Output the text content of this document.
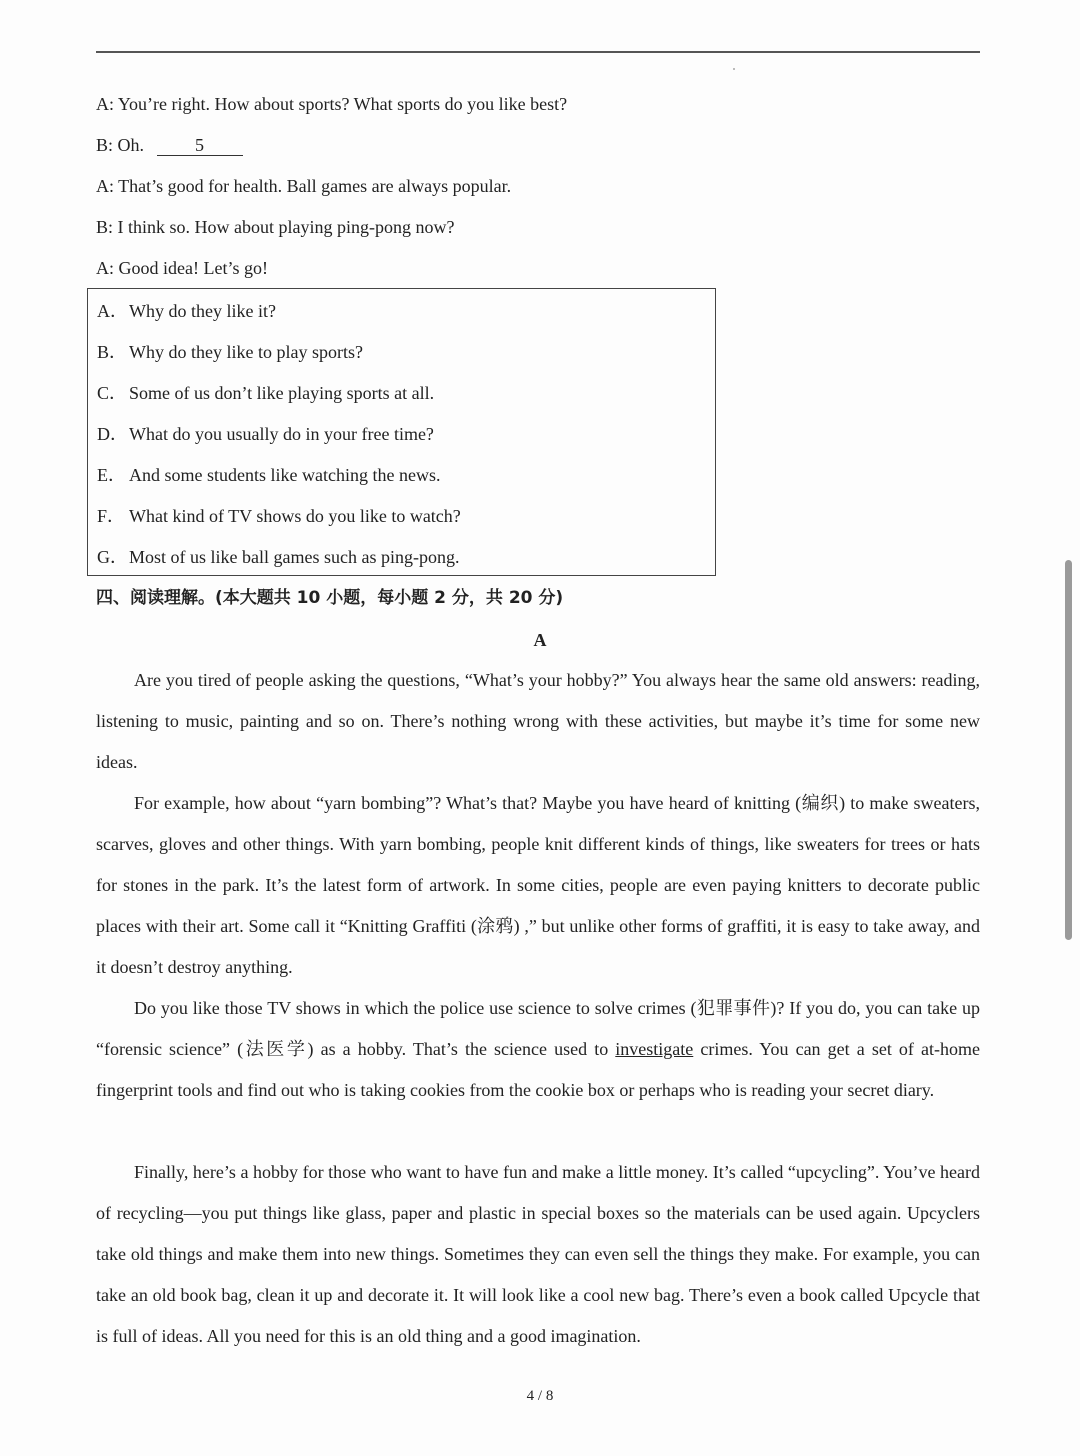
A: You’re right. How about sports? What sports do you like best?
B: Oh.	5
A: That’s good for health. Ball games are always popular.
B: I think so. How about playing ping-pong now?
A: Good idea! Let’s go!
A．Why do they like it?
B． Why do they like to play sports?
C． Some of us don’t like playing sports at all.
D．What do you usually do in your free time?
E． And some students like watching the news.
F． What kind of TV shows do you like to watch?
G．Most of us like ball games such as ping-pong.
四、阅读理解。(本大题共 10 小题，每小题 2 分，共 20 分)
A

Are you tired of people asking the questions, “What’s your hobby?” You always hear the same old answers: reading, listening to music, painting and so on. There’s nothing wrong with these activities, but maybe it’s time for some new ideas.

For example, how about “yarn bombing”? What’s that? Maybe you have heard of knitting (编织) to make sweaters, scarves, gloves and other things. With yarn bombing, people knit different kinds of things, like sweaters for trees or hats for stones in the park. It’s the latest form of artwork. In some cities, people are even paying knitters to decorate public places with their art. Some call it “Knitting Graffiti (涂鸦) ,” but unlike other forms of graffiti, it is easy to take away, and it doesn’t destroy anything.

Do you like those TV shows in which the police use science to solve crimes (犯罪事件)? If you do, you can take up “forensic science” (法医学) as a hobby. That’s the science used to investigate crimes. You can get a set of at-home fingerprint tools and find out who is taking cookies from the cookie box or perhaps who is reading your secret diary.

Finally, here’s a hobby for those who want to have fun and make a little money. It’s called “upcycling”. You’ve heard of recycling—you put things like glass, paper and plastic in special boxes so the materials can be used again. Upcyclers take old things and make them into new things. Sometimes they can even sell the things they make. For example, you can take an old book bag, clean it up and decorate it. It will look like a cool new bag. There’s even a book called Upcycle that is full of ideas. All you need for this is an old thing and a good imagination.

4 / 8
